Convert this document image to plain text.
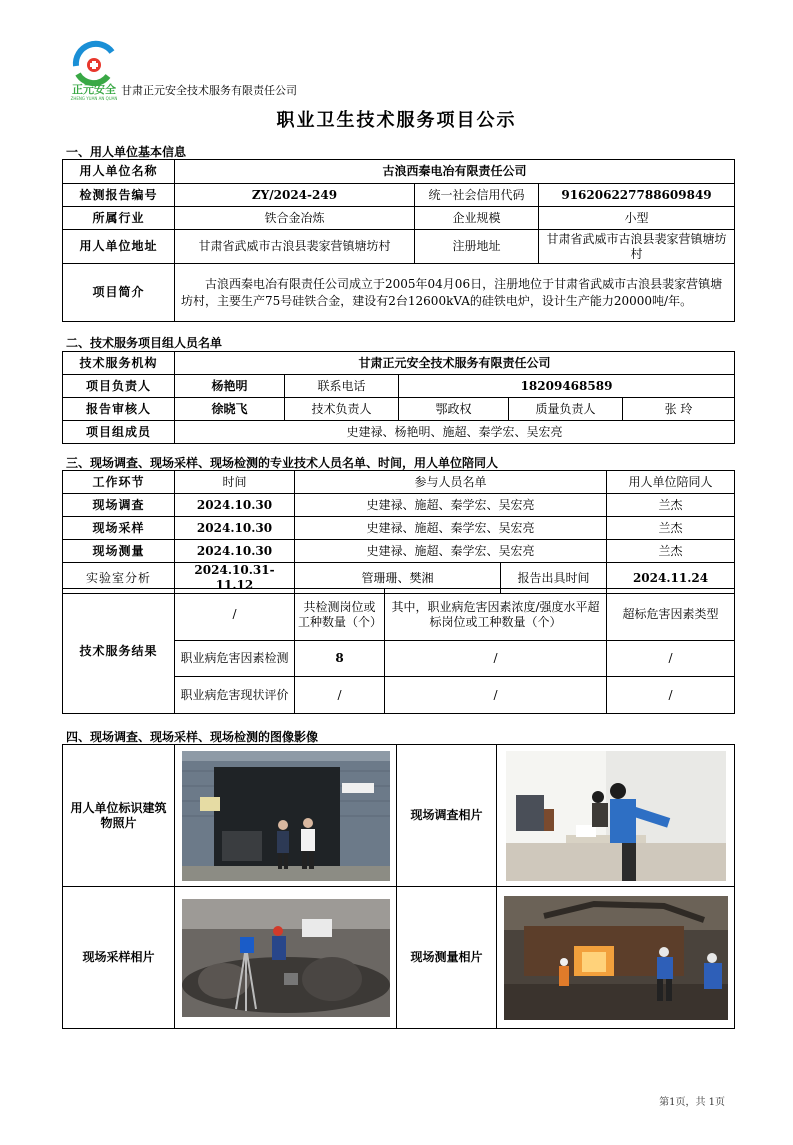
正元安全
ZHENG YUAN AN QUAN
甘肃正元安全技术服务有限责任公司
职业卫生技术服务项目公示
一、用人单位基本信息
用人单位名称	古浪西秦电冶有限责任公司		
检测报告编号	ZY/2024-249	统一社会信用代码	916206227788609849
所属行业	铁合金冶炼	企业规模	小型
用人单位地址	甘肃省武威市古浪县裴家营镇塘坊村	注册地址	甘肃省武威市古浪县裴家营镇塘坊村
项目简介	古浪西秦电冶有限责任公司成立于2005年04月06日，注册地位于甘肃省武威市古浪县裴家营镇塘坊村，主要生产75号硅铁合金，建设有2台12600kVA的硅铁电炉，设计生产能力20000吨/年。		
二、技术服务项目组人员名单
技术服务机构	甘肃正元安全技术服务有限责任公司				
项目负责人	杨艳明	联系电话	18209468589		
报告审核人	徐晓飞	技术负责人	鄂政权	质量负责人	张 玲
项目组成员	史建禄、杨艳明、施超、秦学宏、吴宏亮				
三、现场调查、现场采样、现场检测的专业技术人员名单、时间，用人单位陪同人
工作环节	时间	参与人员名单		用人单位陪同人
现场调查	2024.10.30	史建禄、施超、秦学宏、吴宏亮		兰杰
现场采样	2024.10.30	史建禄、施超、秦学宏、吴宏亮		兰杰
现场测量	2024.10.30	史建禄、施超、秦学宏、吴宏亮		兰杰
实验室分析	2024.10.31-11.12	管珊珊、樊湘	报告出具时间	2024.11.24
技术服务结果	/	共检测岗位或工种数量（个）	其中，职业病危害因素浓度/强度水平超标岗位或工种数量（个）	超标危害因素类型
	职业病危害因素检测	8	/	/
	职业病危害现状评价	/	/	/
四、现场调查、现场采样、现场检测的图像影像
用人单位标识建筑物照片		现场调查相片	

现场采样相片		现场测量相片	
第1页，共 1页
